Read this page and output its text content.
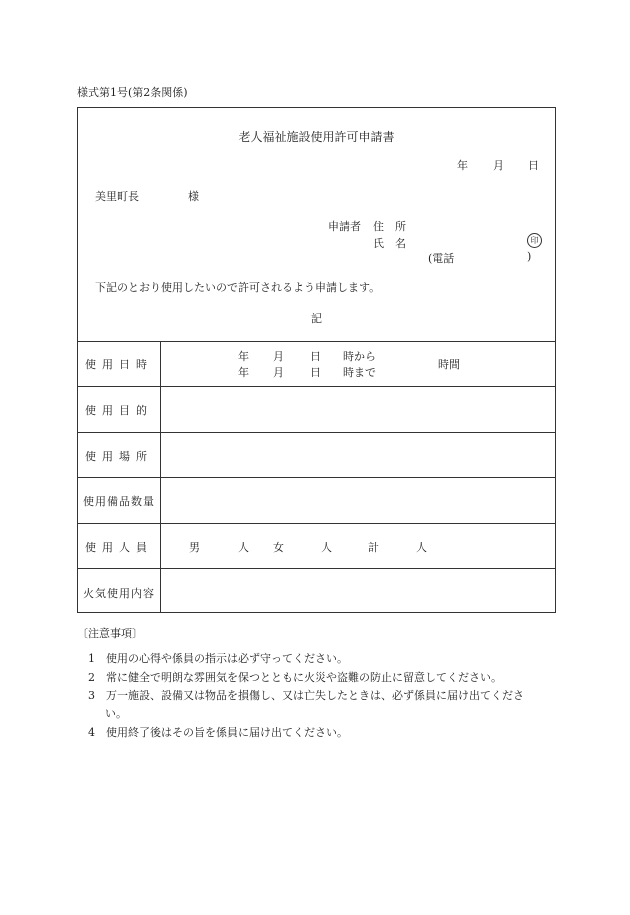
様式第1号(第2条関係)
老人福祉施設使用許可申請書
年 月 日
美里町長	様
申請者 住　所
氏　名	印
(電話	)
下記のとおり使用したいので許可されるよう申請します。
記
使用日時
年 月 日 時から
年 月 日 時まで
時間
使用目的
使用場所
使用備品数量
使用人員	男	人 女	人	計	人
火気使用内容
〔注意事項〕
1 使用の心得や係員の指示は必ず守ってください。
2 常に健全で明朗な雰囲気を保つとともに火災や盗難の防止に留意してください。
3 万一施設、設備又は物品を損傷し、又は亡失したときは、必ず係員に届け出てくださ
い。
4 使用終了後はその旨を係員に届け出てください。
